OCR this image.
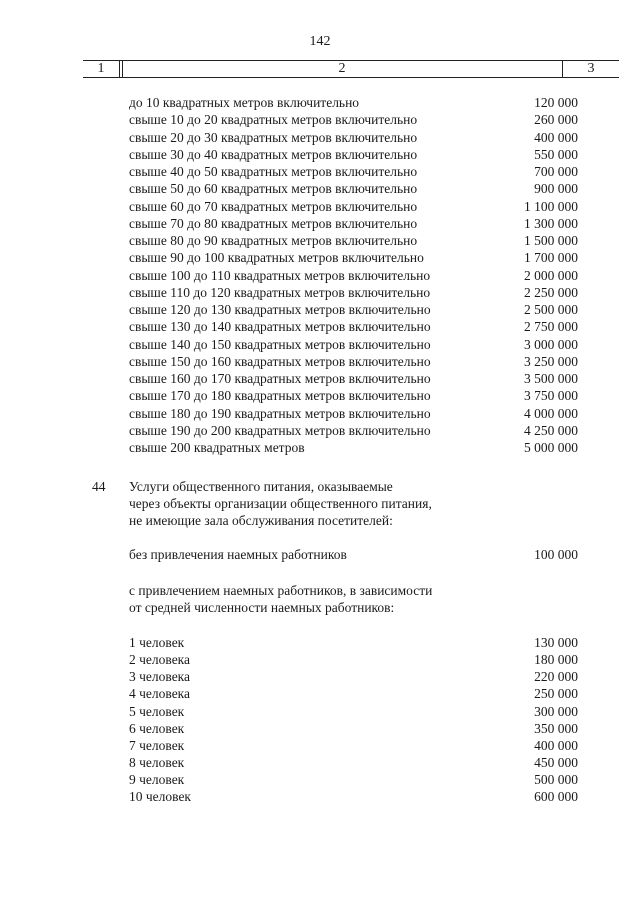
142
1	2	3
до 10 квадратных метров включительно	120 000
свыше 10 до 20 квадратных метров включительно	260 000
свыше 20 до 30 квадратных метров включительно	400 000
свыше 30 до 40 квадратных метров включительно	550 000
свыше 40 до 50 квадратных метров включительно	700 000
свыше 50 до 60 квадратных метров включительно	900 000
свыше 60 до 70 квадратных метров включительно	1 100 000
свыше 70 до 80 квадратных метров включительно	1 300 000
свыше 80 до 90 квадратных метров включительно	1 500 000
свыше 90 до 100 квадратных метров включительно	1 700 000
свыше 100 до 110 квадратных метров включительно	2 000 000
свыше 110 до 120 квадратных метров включительно	2 250 000
свыше 120 до 130 квадратных метров включительно	2 500 000
свыше 130 до 140 квадратных метров включительно	2 750 000
свыше 140 до 150 квадратных метров включительно	3 000 000
свыше 150 до 160 квадратных метров включительно	3 250 000
свыше 160 до 170 квадратных метров включительно	3 500 000
свыше 170 до 180 квадратных метров включительно	3 750 000
свыше 180 до 190 квадратных метров включительно	4 000 000
свыше 190 до 200 квадратных метров включительно	4 250 000
свыше 200 квадратных метров	5 000 000
44 Услуги общественного питания, оказываемые
через объекты организации общественного питания,
не имеющие зала обслуживания посетителей:
без привлечения наемных работников	100 000
с привлечением наемных работников, в зависимости
от средней численности наемных работников:
1 человек	130 000
2 человека	180 000
3 человека	220 000
4 человека	250 000
5 человек	300 000
6 человек	350 000
7 человек	400 000
8 человек	450 000
9 человек	500 000
10 человек	600 000
